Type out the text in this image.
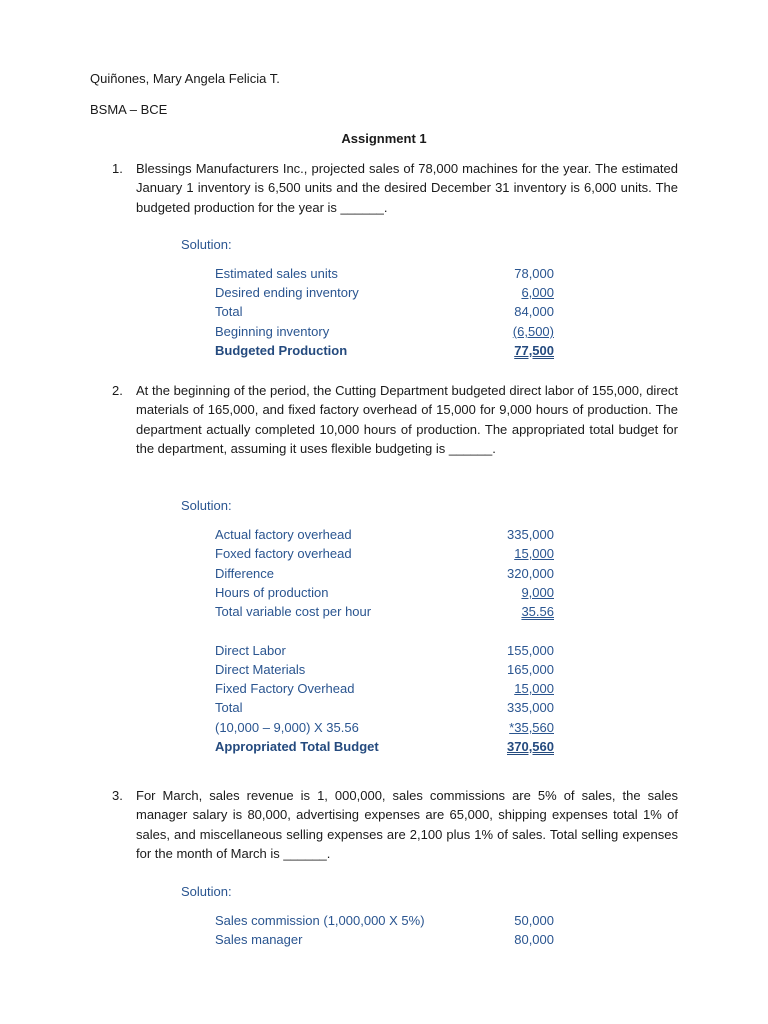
Quiñones, Mary Angela Felicia T.
BSMA – BCE
Assignment 1
1. Blessings Manufacturers Inc., projected sales of 78,000 machines for the year. The estimated January 1 inventory is 6,500 units and the desired December 31 inventory is 6,000 units. The budgeted production for the year is ______.
Solution:
Estimated sales units	78,000
Desired ending inventory	6,000
Total	84,000
Beginning inventory	(6,500)
Budgeted Production	77,500
2. At the beginning of the period, the Cutting Department budgeted direct labor of 155,000, direct materials of 165,000, and fixed factory overhead of 15,000 for 9,000 hours of production. The department actually completed 10,000 hours of production. The appropriated total budget for the department, assuming it uses flexible budgeting is ______.
Solution:
Actual factory overhead	335,000
Foxed factory overhead	15,000
Difference	320,000
Hours of production	9,000
Total variable cost per hour	35.56
Direct Labor	155,000
Direct Materials	165,000
Fixed Factory Overhead	15,000
Total	335,000
(10,000 – 9,000) X 35.56	*35,560
Appropriated Total Budget	370,560
3. For March, sales revenue is 1, 000,000, sales commissions are 5% of sales, the sales manager salary is 80,000, advertising expenses are 65,000, shipping expenses total 1% of sales, and miscellaneous selling expenses are 2,100 plus 1% of sales. Total selling expenses for the month of March is ______.
Solution:
Sales commission (1,000,000 X 5%)	50,000
Sales manager	80,000
